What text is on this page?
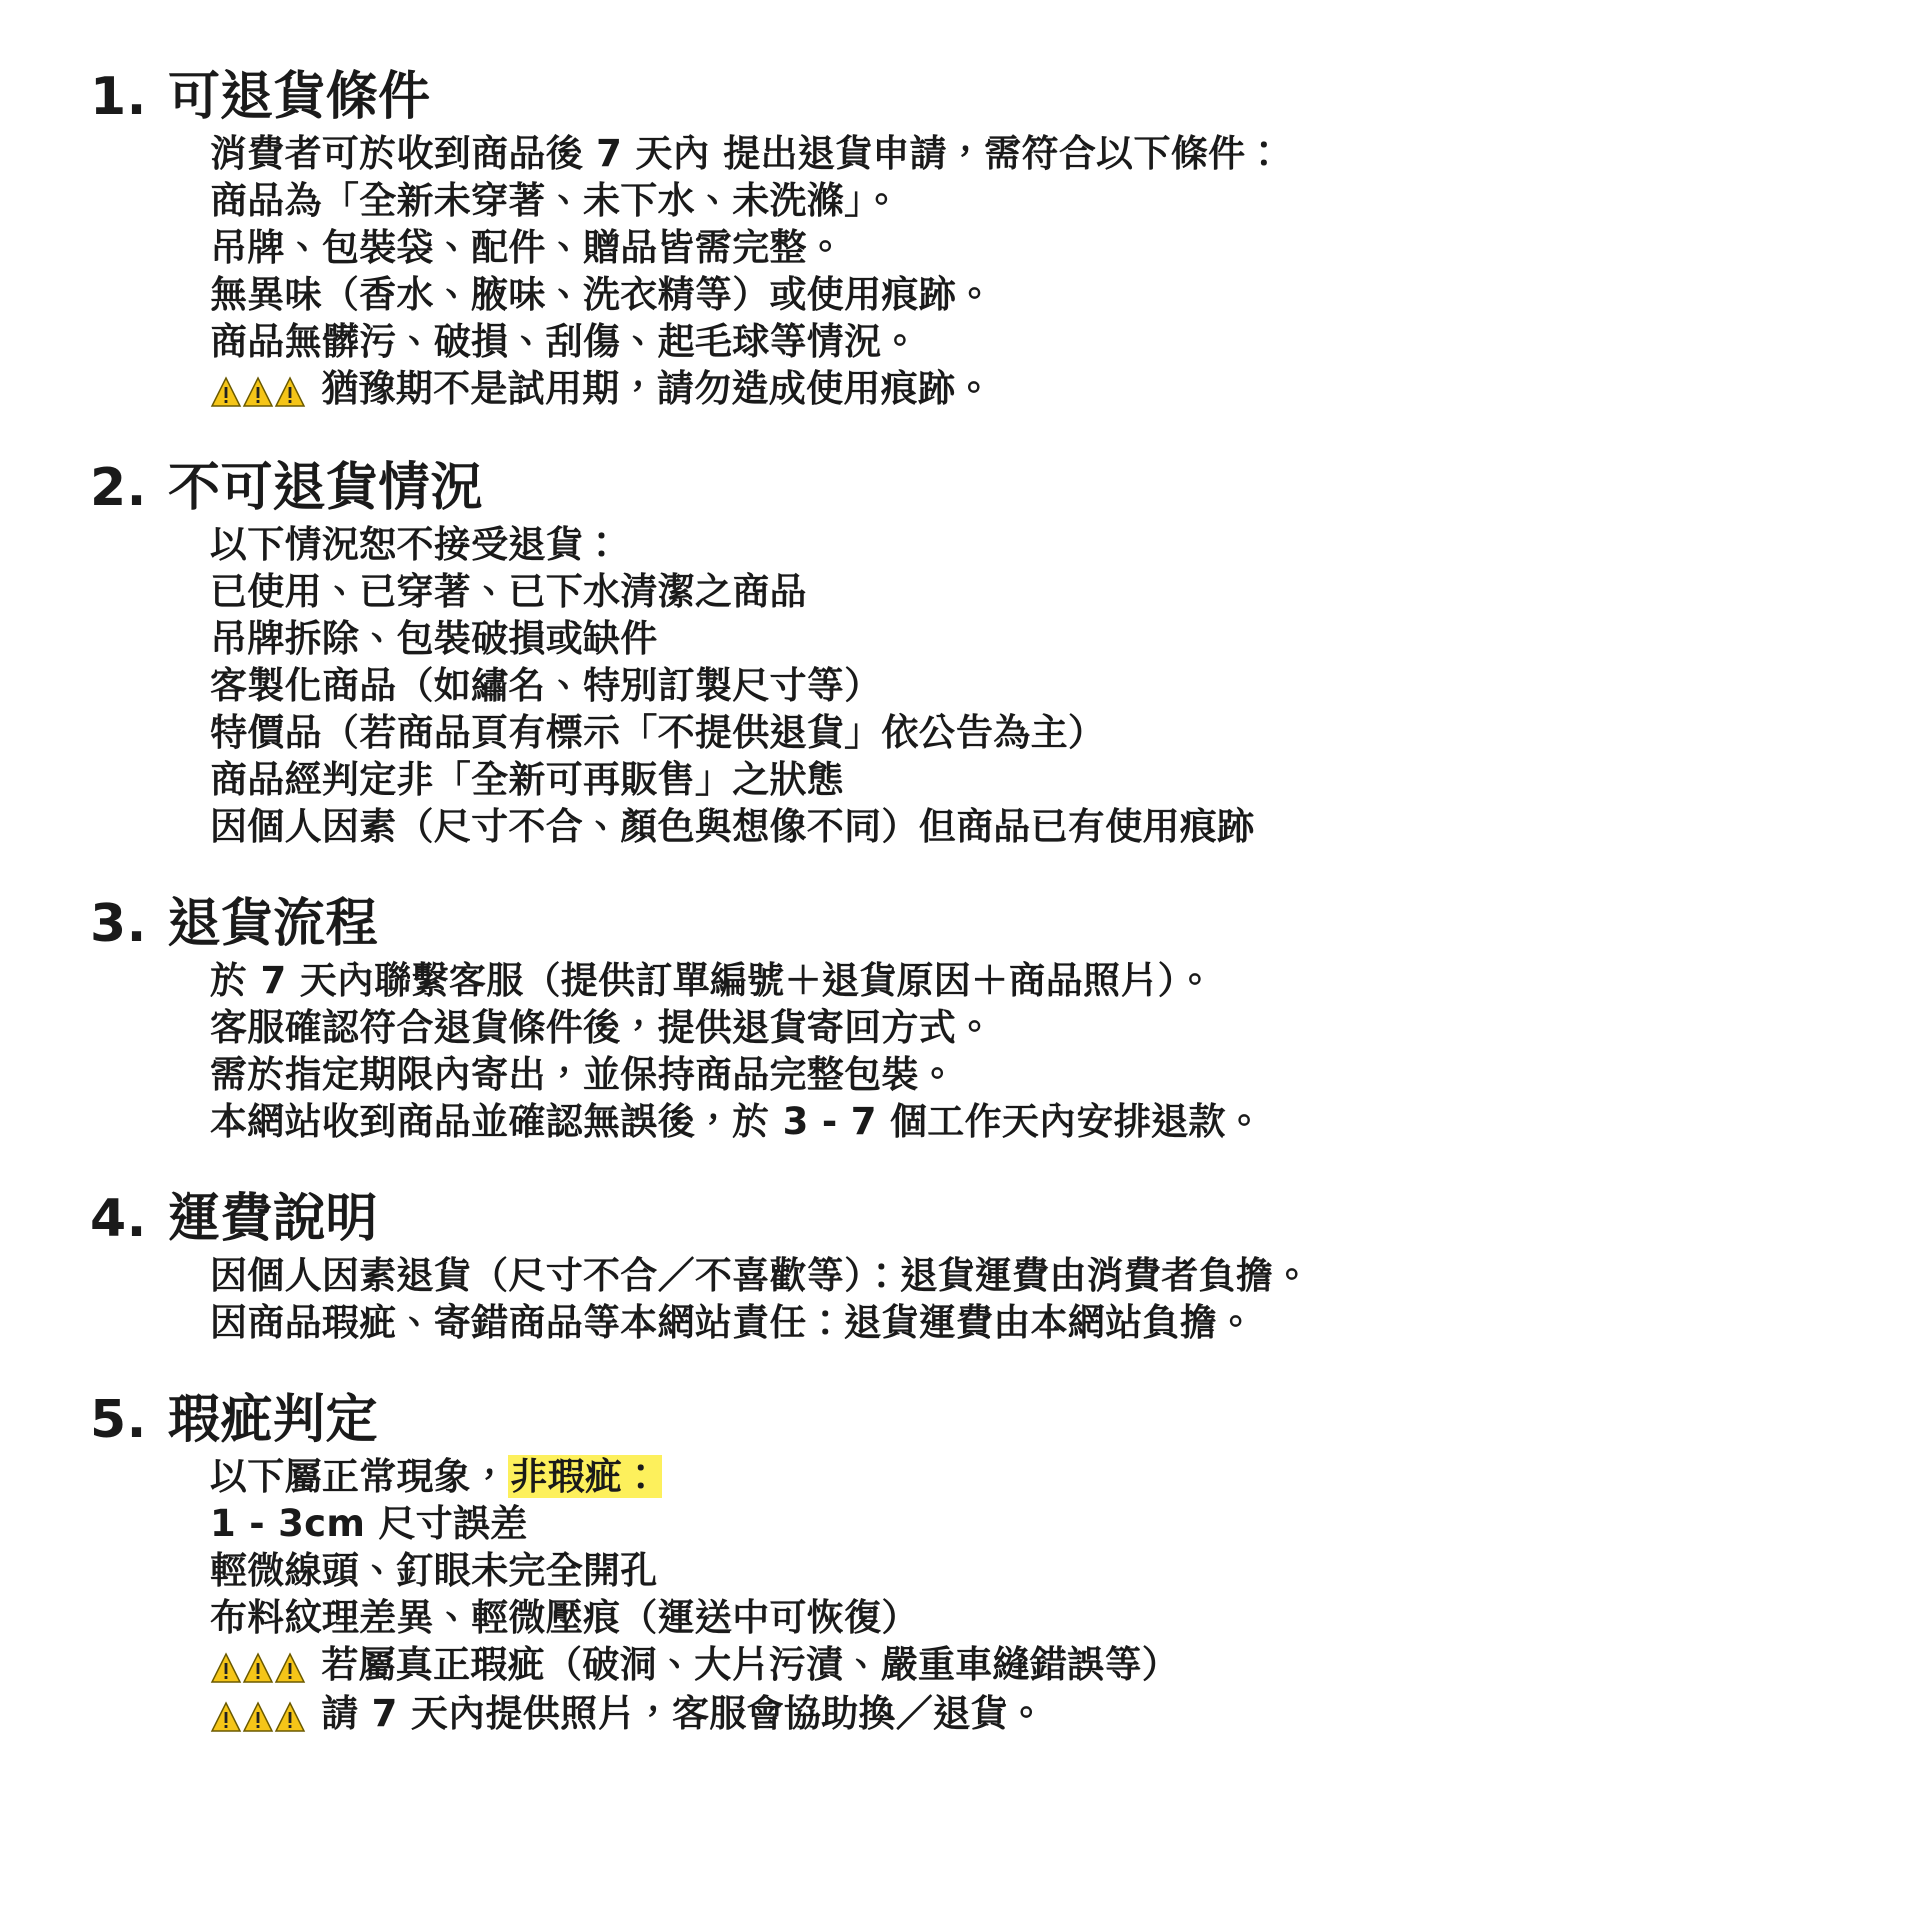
1. 可退貨條件
消費者可於收到商品後 7 天內 提出退貨申請，需符合以下條件：
商品為「全新未穿著、未下水、未洗滌」。
吊牌、包裝袋、配件、贈品皆需完整。
無異味（香水、腋味、洗衣精等）或使用痕跡。
商品無髒污、破損、刮傷、起毛球等情況。
猶豫期不是試用期，請勿造成使用痕跡。
2. 不可退貨情況
以下情況恕不接受退貨：
已使用、已穿著、已下水清潔之商品
吊牌拆除、包裝破損或缺件
客製化商品（如繡名、特別訂製尺寸等）
特價品（若商品頁有標示「不提供退貨」依公告為主）
商品經判定非「全新可再販售」之狀態
因個人因素（尺寸不合、顏色與想像不同）但商品已有使用痕跡
3. 退貨流程
於 7 天內聯繫客服（提供訂單編號＋退貨原因＋商品照片）。
客服確認符合退貨條件後，提供退貨寄回方式。
需於指定期限內寄出，並保持商品完整包裝。
本網站收到商品並確認無誤後，於 3 - 7 個工作天內安排退款。
4. 運費說明
因個人因素退貨（尺寸不合／不喜歡等）：退貨運費由消費者負擔。
因商品瑕疵、寄錯商品等本網站責任：退貨運費由本網站負擔。
5. 瑕疵判定
以下屬正常現象，非瑕疵：
1 - 3cm 尺寸誤差
輕微線頭、釘眼未完全開孔
布料紋理差異、輕微壓痕（運送中可恢復）
若屬真正瑕疵（破洞、大片污漬、嚴重車縫錯誤等）
請 7 天內提供照片，客服會協助換／退貨。
